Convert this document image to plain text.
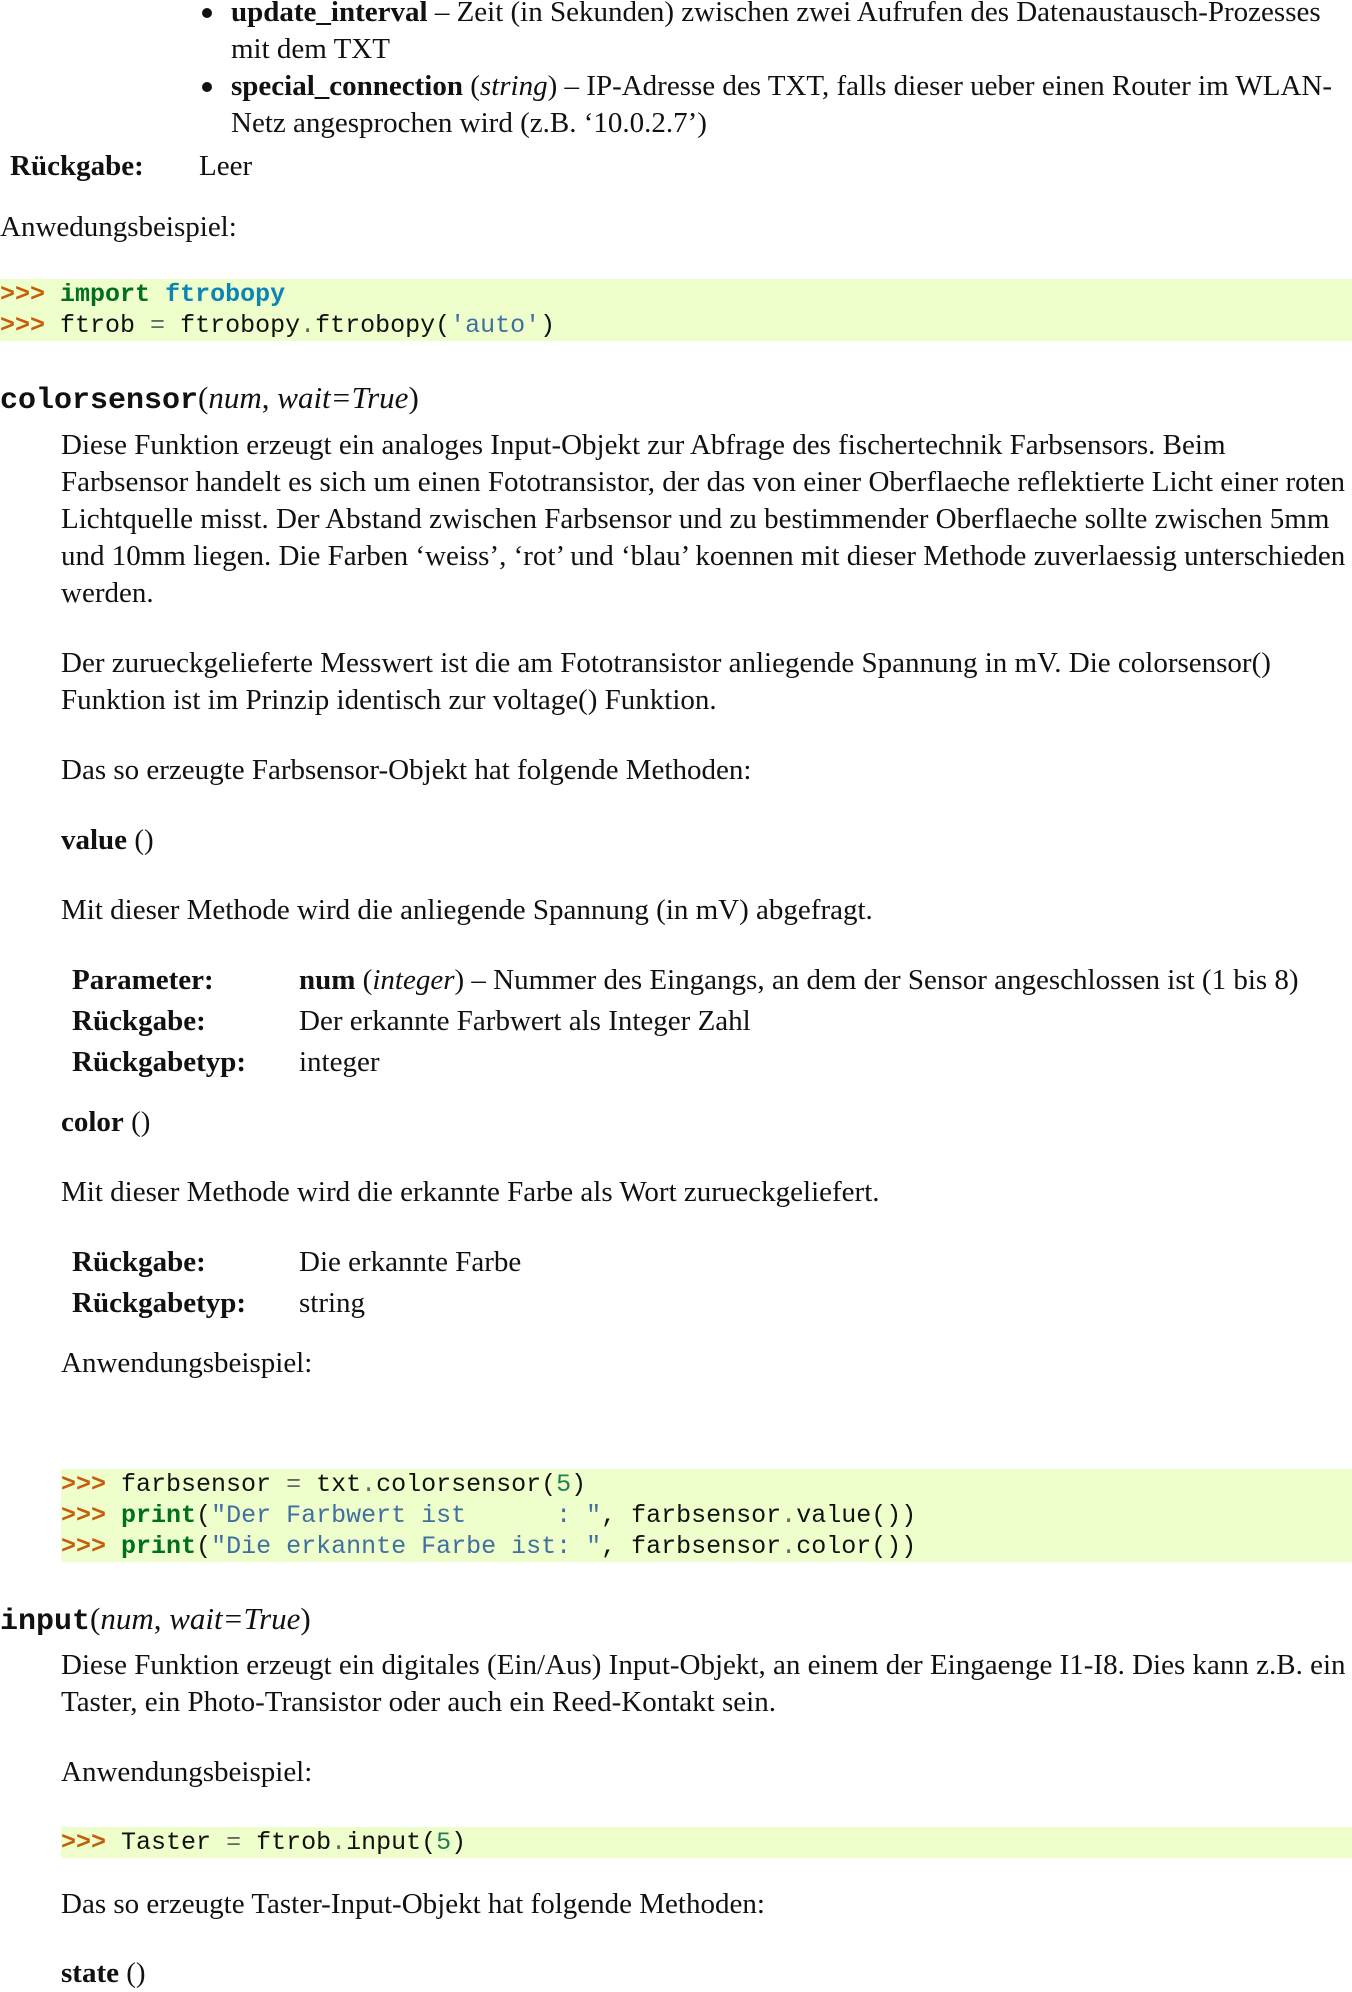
update_interval – Zeit (in Sekunden) zwischen zwei Aufrufen des Datenaustausch-Prozesses mit dem TXT
special_connection (string) – IP-Adresse des TXT, falls dieser ueber einen Router im WLAN-Netz angesprochen wird (z.B. ‘10.0.2.7’)
Rückgabe: Leer

Anwedungsbeispiel:

>>> import ftrobopy
>>> ftrob = ftrobopy.ftrobopy('auto')
colorsensor(num, wait=True)

Diese Funktion erzeugt ein analoges Input-Objekt zur Abfrage des fischertechnik Farbsensors. Beim Farbsensor handelt es sich um einen Fototransistor, der das von einer Oberflaeche reflektierte Licht einer roten Lichtquelle misst. Der Abstand zwischen Farbsensor und zu bestimmender Oberflaeche sollte zwischen 5mm und 10mm liegen. Die Farben ‘weiss’, ‘rot’ und ‘blau’ koennen mit dieser Methode zuverlaessig unterschieden werden.

Der zurueckgelieferte Messwert ist die am Fototransistor anliegende Spannung in mV. Die colorsensor() Funktion ist im Prinzip identisch zur voltage() Funktion.

Das so erzeugte Farbsensor-Objekt hat folgende Methoden:

value ()

Mit dieser Methode wird die anliegende Spannung (in mV) abgefragt.

Parameter:	num (integer) – Nummer des Eingangs, an dem der Sensor angeschlossen ist (1 bis 8)
Rückgabe:	Der erkannte Farbwert als Integer Zahl
Rückgabetyp:	integer

color ()

Mit dieser Methode wird die erkannte Farbe als Wort zurueckgeliefert.

Rückgabe:	Die erkannte Farbe
Rückgabetyp:	string

Anwendungsbeispiel:

>>> farbsensor = txt.colorsensor(5)
>>> print("Der Farbwert ist      : ", farbsensor.value())
>>> print("Die erkannte Farbe ist: ", farbsensor.color())
input(num, wait=True)

Diese Funktion erzeugt ein digitales (Ein/Aus) Input-Objekt, an einem der Eingaenge I1-I8. Dies kann z.B. ein Taster, ein Photo-Transistor oder auch ein Reed-Kontakt sein.

Anwendungsbeispiel:

>>> Taster = ftrob.input(5)

Das so erzeugte Taster-Input-Objekt hat folgende Methoden:

state ()
